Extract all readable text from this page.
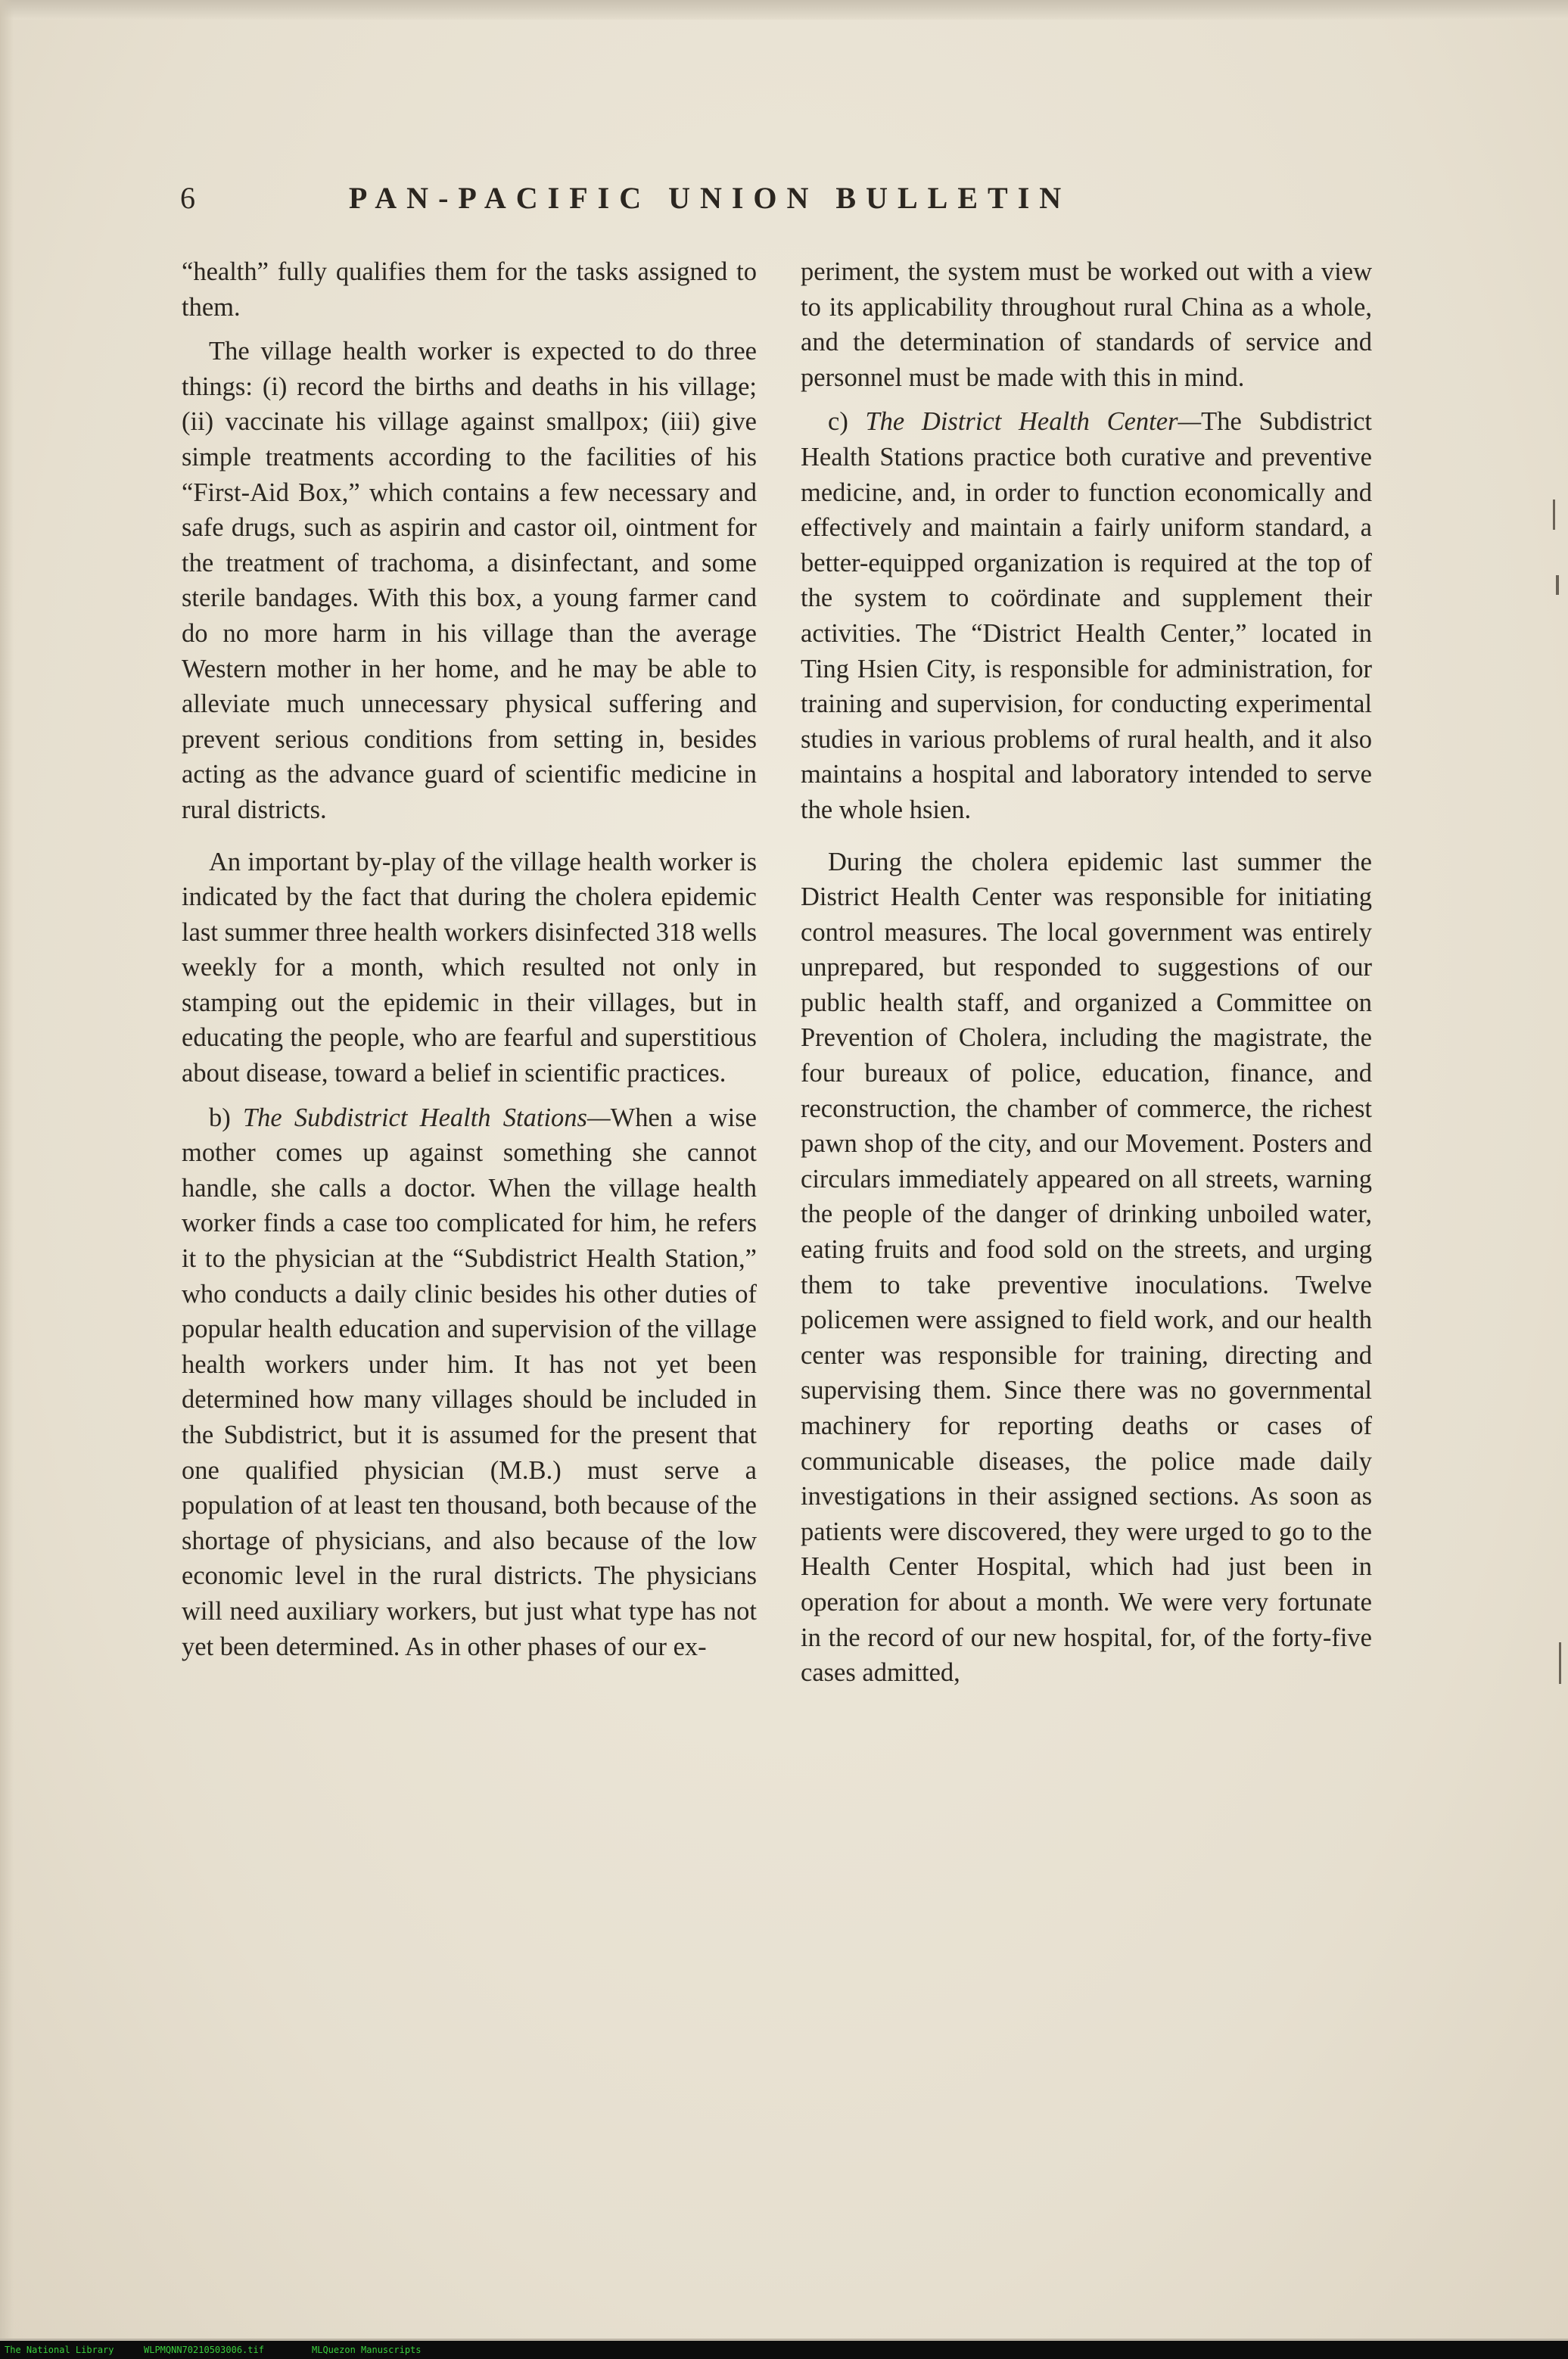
6	PAN-PACIFIC UNION BULLETIN

“health” fully qualifies them for the tasks assigned to them.

The village health worker is expected to do three things: (i) record the births and deaths in his village; (ii) vaccinate his village against smallpox; (iii) give simple treatments according to the facilities of his “First-Aid Box,” which contains a few necessary and safe drugs, such as aspirin and castor oil, ointment for the treatment of trachoma, a disinfectant, and some sterile bandages. With this box, a young farmer cand do no more harm in his village than the average Western mother in her home, and he may be able to alleviate much unnecessary physical suffering and prevent serious conditions from setting in, besides acting as the advance guard of scientific medicine in rural districts.

An important by-play of the village health worker is indicated by the fact that during the cholera epidemic last summer three health workers disinfected 318 wells weekly for a month, which resulted not only in stamping out the epidemic in their villages, but in educating the people, who are fearful and superstitious about disease, toward a belief in scientific practices.

b) The Subdistrict Health Stations—When a wise mother comes up against something she cannot handle, she calls a doctor. When the village health worker finds a case too complicated for him, he refers it to the physician at the “Subdistrict Health Station,” who conducts a daily clinic besides his other duties of popular health education and supervision of the village health workers under him. It has not yet been determined how many villages should be included in the Subdistrict, but it is assumed for the present that one qualified physician (M.B.) must serve a population of at least ten thousand, both because of the shortage of physicians, and also because of the low economic level in the rural districts. The physicians will need auxiliary workers, but just what type has not yet been determined. As in other phases of our ex-

periment, the system must be worked out with a view to its applicability throughout rural China as a whole, and the determination of standards of service and personnel must be made with this in mind.

c) The District Health Center—The Subdistrict Health Stations practice both curative and preventive medicine, and, in order to function economically and effectively and maintain a fairly uniform standard, a better-equipped organization is required at the top of the system to coördinate and supplement their activities. The “District Health Center,” located in Ting Hsien City, is responsible for administration, for training and supervision, for conducting experimental studies in various problems of rural health, and it also maintains a hospital and laboratory intended to serve the whole hsien.

During the cholera epidemic last summer the District Health Center was responsible for initiating control measures. The local government was entirely unprepared, but responded to suggestions of our public health staff, and organized a Committee on Prevention of Cholera, including the magistrate, the four bureaux of police, education, finance, and reconstruction, the chamber of commerce, the richest pawn shop of the city, and our Movement. Posters and circulars immediately appeared on all streets, warning the people of the danger of drinking unboiled water, eating fruits and food sold on the streets, and urging them to take preventive inoculations. Twelve policemen were assigned to field work, and our health center was responsible for training, directing and supervising them. Since there was no governmental machinery for reporting deaths or cases of communicable diseases, the police made daily investigations in their assigned sections. As soon as patients were discovered, they were urged to go to the Health Center Hospital, which had just been in operation for about a month. We were very fortunate in the record of our new hospital, for, of the forty-five cases admitted,

The National Library	WLPMQNN70210503006.tif	MLQuezon Manuscripts
